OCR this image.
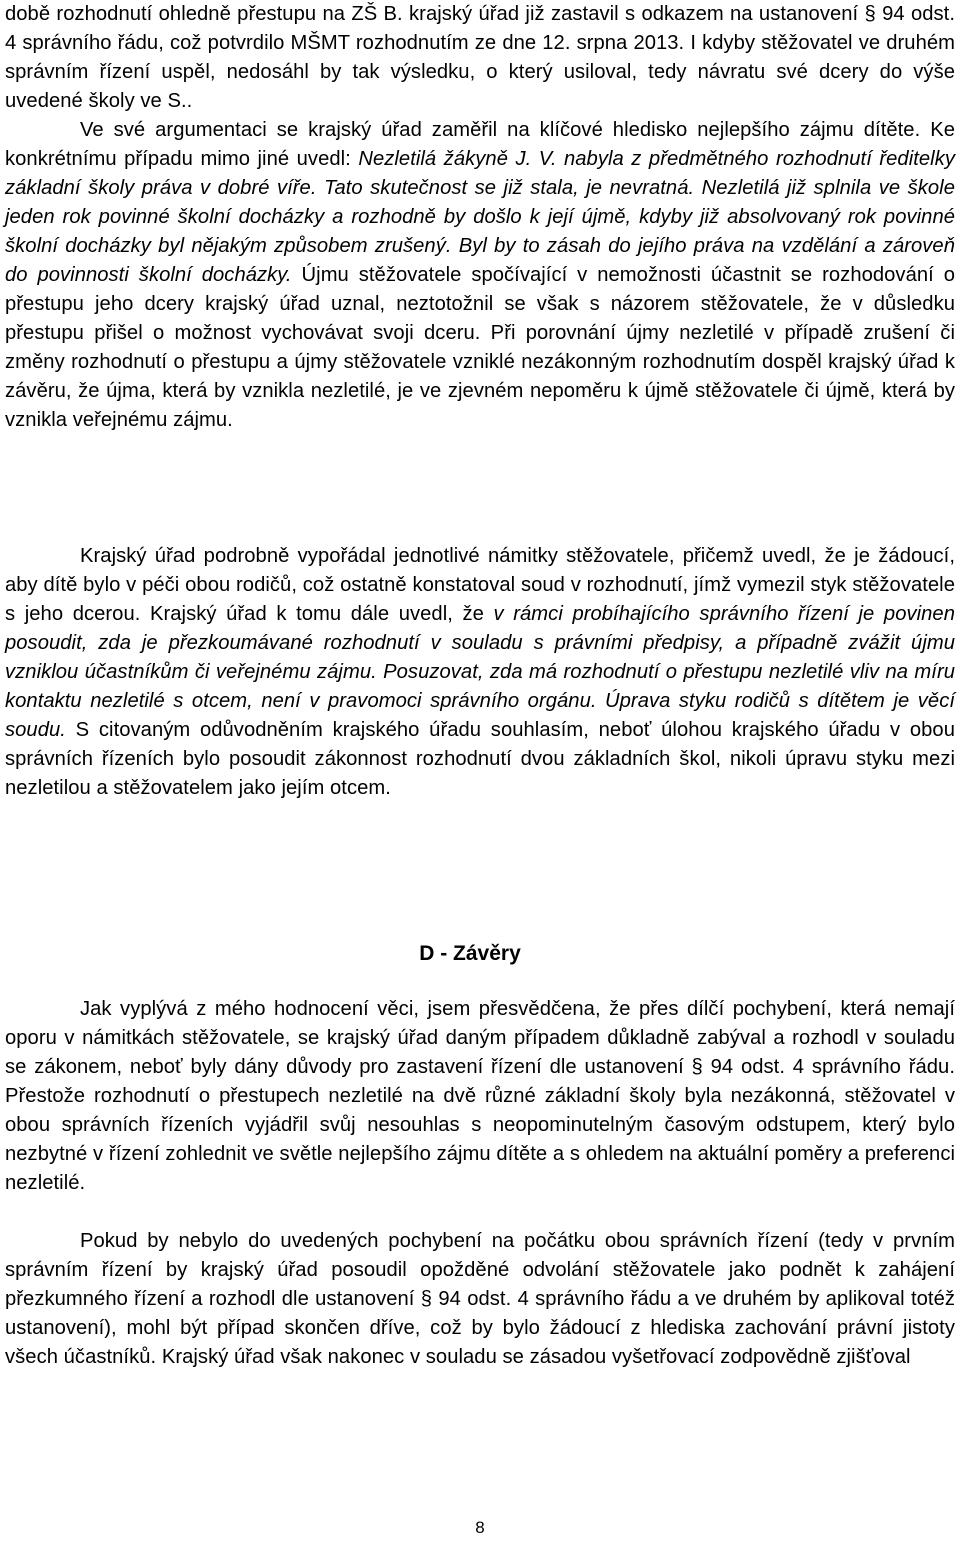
době rozhodnutí ohledně přestupu na ZŠ B. krajský úřad již zastavil s odkazem na ustanovení § 94 odst. 4 správního řádu, což potvrdilo MŠMT rozhodnutím ze dne 12. srpna 2013. I kdyby stěžovatel ve druhém správním řízení uspěl, nedosáhl by tak výsledku, o který usiloval, tedy návratu své dcery do výše uvedené školy ve S..

Ve své argumentaci se krajský úřad zaměřil na klíčové hledisko nejlepšího zájmu dítěte. Ke konkrétnímu případu mimo jiné uvedl: Nezletilá žákyně J. V. nabyla z předmětného rozhodnutí ředitelky základní školy práva v dobré víře. Tato skutečnost se již stala, je nevratná. Nezletilá již splnila ve škole jeden rok povinné školní docházky a rozhodně by došlo k její újmě, kdyby již absolvovaný rok povinné školní docházky byl nějakým způsobem zrušený. Byl by to zásah do jejího práva na vzdělání a zároveň do povinnosti školní docházky. Újmu stěžovatele spočívající v nemožnosti účastnit se rozhodování o přestupu jeho dcery krajský úřad uznal, neztotožnil se však s názorem stěžovatele, že v důsledku přestupu přišel o možnost vychovávat svoji dceru. Při porovnání újmy nezletilé v případě zrušení či změny rozhodnutí o přestupu a újmy stěžovatele vzniklé nezákonným rozhodnutím dospěl krajský úřad k závěru, že újma, která by vznikla nezletilé, je ve zjevném nepoměru k újmě stěžovatele či újmě, která by vznikla veřejnému zájmu.

Krajský úřad podrobně vypořádal jednotlivé námitky stěžovatele, přičemž uvedl, že je žádoucí, aby dítě bylo v péči obou rodičů, což ostatně konstatoval soud v rozhodnutí, jímž vymezil styk stěžovatele s jeho dcerou. Krajský úřad k tomu dále uvedl, že v rámci probíhajícího správního řízení je povinen posoudit, zda je přezkoumávané rozhodnutí v souladu s právními předpisy, a případně zvážit újmu vzniklou účastníkům či veřejnému zájmu. Posuzovat, zda má rozhodnutí o přestupu nezletilé vliv na míru kontaktu nezletilé s otcem, není v pravomoci správního orgánu. Úprava styku rodičů s dítětem je věcí soudu. S citovaným odůvodněním krajského úřadu souhlasím, neboť úlohou krajského úřadu v obou správních řízeních bylo posoudit zákonnost rozhodnutí dvou základních škol, nikoli úpravu styku mezi nezletilou a stěžovatelem jako jejím otcem.

D - Závěry

Jak vyplývá z mého hodnocení věci, jsem přesvědčena, že přes dílčí pochybení, která nemají oporu v námitkách stěžovatele, se krajský úřad daným případem důkladně zabýval a rozhodl v souladu se zákonem, neboť byly dány důvody pro zastavení řízení dle ustanovení § 94 odst. 4 správního řádu. Přestože rozhodnutí o přestupech nezletilé na dvě různé základní školy byla nezákonná, stěžovatel v obou správních řízeních vyjádřil svůj nesouhlas s neopominutelným časovým odstupem, který bylo nezbytné v řízení zohlednit ve světle nejlepšího zájmu dítěte a s ohledem na aktuální poměry a preferenci nezletilé.

Pokud by nebylo do uvedených pochybení na počátku obou správních řízení (tedy v prvním správním řízení by krajský úřad posoudil opožděné odvolání stěžovatele jako podnět k zahájení přezkumného řízení a rozhodl dle ustanovení § 94 odst. 4 správního řádu a ve druhém by aplikoval totéž ustanovení), mohl být případ skončen dříve, což by bylo žádoucí z hlediska zachování právní jistoty všech účastníků. Krajský úřad však nakonec v souladu se zásadou vyšetřovací zodpovědně zjišťoval

8
